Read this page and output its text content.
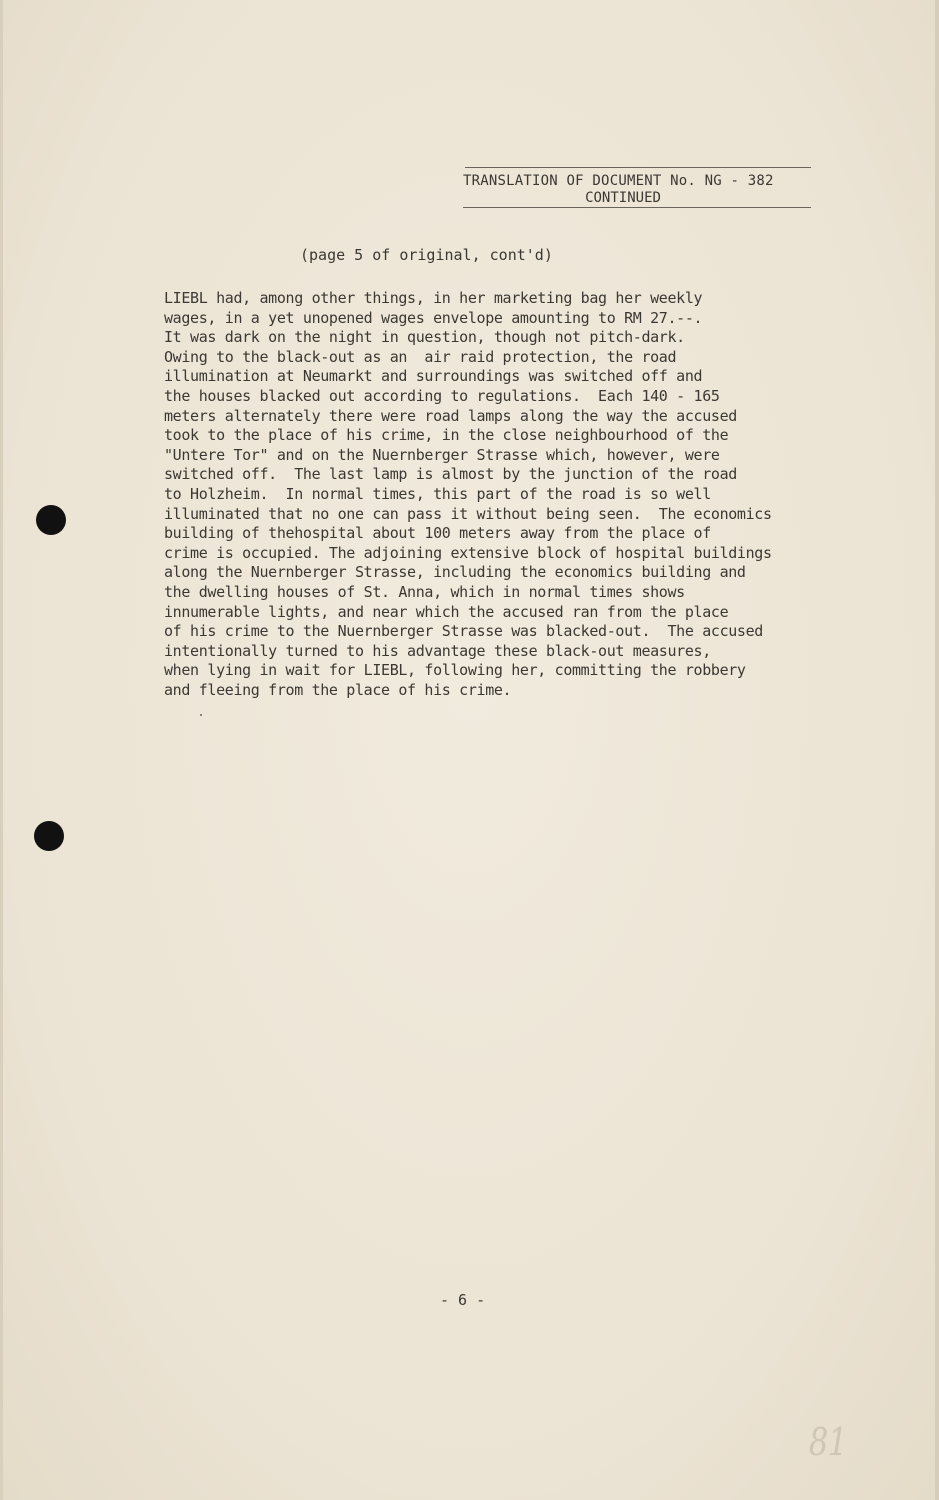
TRANSLATION OF DOCUMENT No. NG - 382
CONTINUED
(page 5 of original, cont'd)
LIEBL had, among other things, in her marketing bag her weekly
wages, in a yet unopened wages envelope amounting to RM 27.--.
It was dark on the night in question, though not pitch-dark.
Owing to the black-out as an  air raid protection, the road
illumination at Neumarkt and surroundings was switched off and
the houses blacked out according to regulations.  Each 140 - 165
meters alternately there were road lamps along the way the accused
took to the place of his crime, in the close neighbourhood of the
"Untere Tor" and on the Nuernberger Strasse which, however, were
switched off.  The last lamp is almost by the junction of the road
to Holzheim.  In normal times, this part of the road is so well
illuminated that no one can pass it without being seen.  The economics
building of thehospital about 100 meters away from the place of
crime is occupied. The adjoining extensive block of hospital buildings
along the Nuernberger Strasse, including the economics building and
the dwelling houses of St. Anna, which in normal times shows
innumerable lights, and near which the accused ran from the place
of his crime to the Nuernberger Strasse was blacked-out.  The accused
intentionally turned to his advantage these black-out measures,
when lying in wait for LIEBL, following her, committing the robbery
and fleeing from the place of his crime.
- 6 -
81
